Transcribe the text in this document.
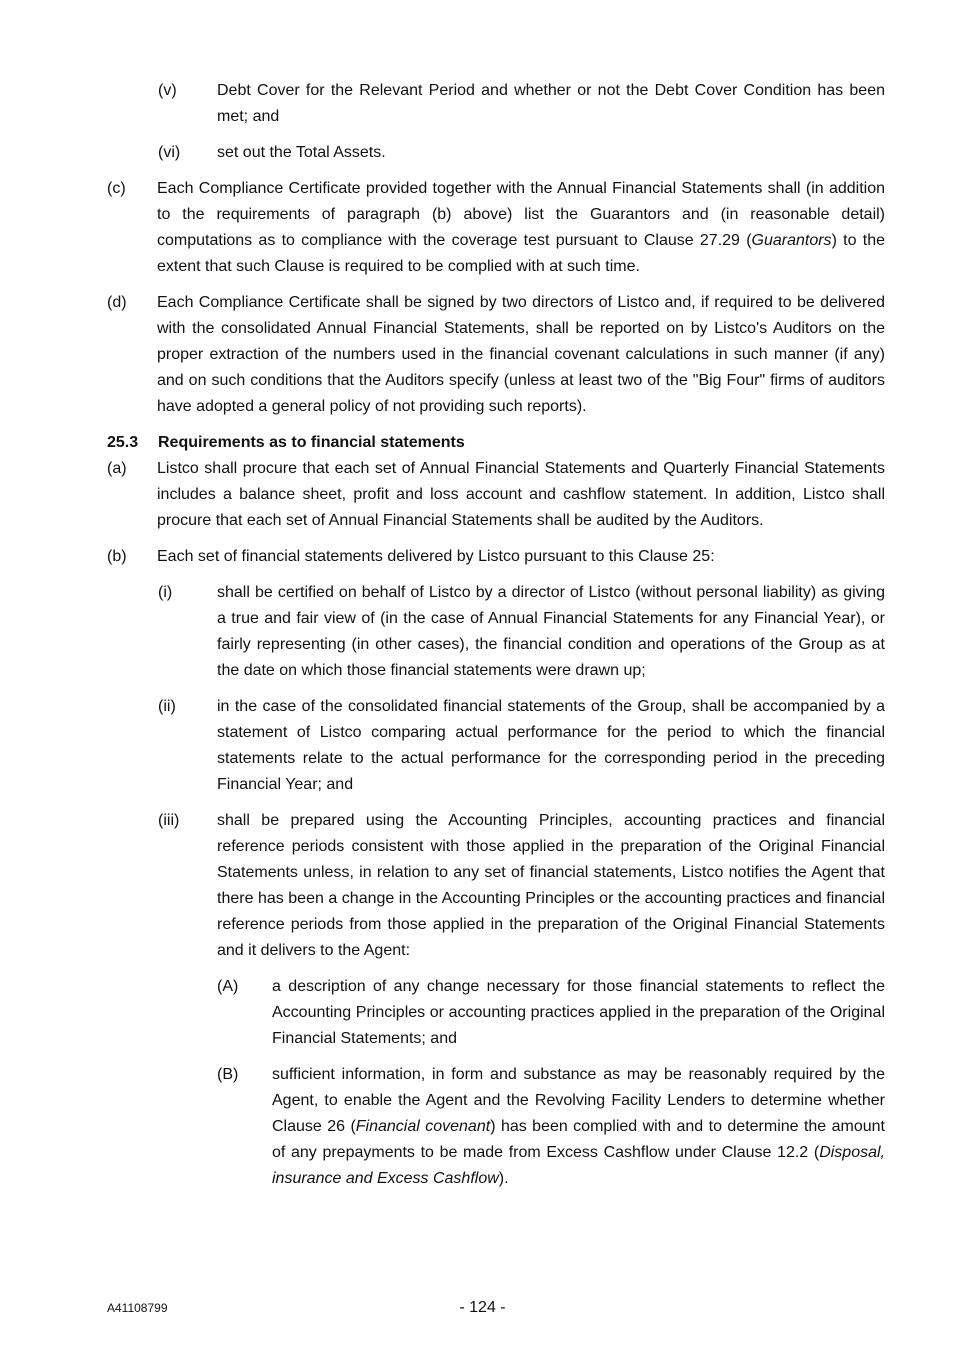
(v)	Debt Cover for the Relevant Period and whether or not the Debt Cover Condition has been met; and
(vi) set out the Total Assets.
(c) Each Compliance Certificate provided together with the Annual Financial Statements shall (in addition to the requirements of paragraph (b) above) list the Guarantors and (in reasonable detail) computations as to compliance with the coverage test pursuant to Clause 27.29 (Guarantors) to the extent that such Clause is required to be complied with at such time.
(d) Each Compliance Certificate shall be signed by two directors of Listco and, if required to be delivered with the consolidated Annual Financial Statements, shall be reported on by Listco's Auditors on the proper extraction of the numbers used in the financial covenant calculations in such manner (if any) and on such conditions that the Auditors specify (unless at least two of the "Big Four" firms of auditors have adopted a general policy of not providing such reports).
25.3 Requirements as to financial statements
(a) Listco shall procure that each set of Annual Financial Statements and Quarterly Financial Statements includes a balance sheet, profit and loss account and cashflow statement. In addition, Listco shall procure that each set of Annual Financial Statements shall be audited by the Auditors.
(b) Each set of financial statements delivered by Listco pursuant to this Clause 25:
(i)	shall be certified on behalf of Listco by a director of Listco (without personal liability) as giving a true and fair view of (in the case of Annual Financial Statements for any Financial Year), or fairly representing (in other cases), the financial condition and operations of the Group as at the date on which those financial statements were drawn up;
(ii)	in the case of the consolidated financial statements of the Group, shall be accompanied by a statement of Listco comparing actual performance for the period to which the financial statements relate to the actual performance for the corresponding period in the preceding Financial Year; and
(iii) shall be prepared using the Accounting Principles, accounting practices and financial reference periods consistent with those applied in the preparation of the Original Financial Statements unless, in relation to any set of financial statements, Listco notifies the Agent that there has been a change in the Accounting Principles or the accounting practices and financial reference periods from those applied in the preparation of the Original Financial Statements and it delivers to the Agent:
(A) a description of any change necessary for those financial statements to reflect the Accounting Principles or accounting practices applied in the preparation of the Original Financial Statements; and
(B) sufficient information, in form and substance as may be reasonably required by the Agent, to enable the Agent and the Revolving Facility Lenders to determine whether Clause 26 (Financial covenant) has been complied with and to determine the amount of any prepayments to be made from Excess Cashflow under Clause 12.2 (Disposal, insurance and Excess Cashflow).
A41108799	- 124 -
